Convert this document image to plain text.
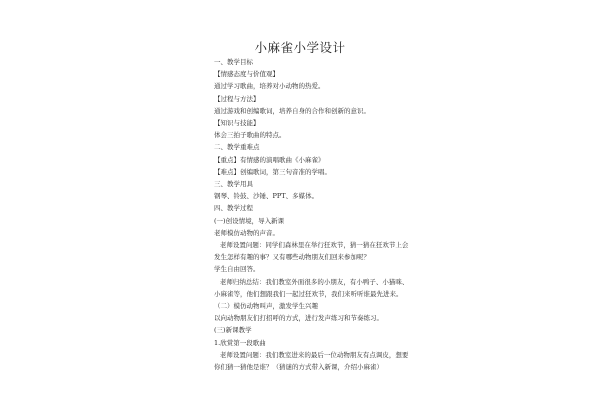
小麻雀小学设计
一、教学目标
【情感态度与价值观】
通过学习歌曲，培养对小动物的热爱。
【过程与方法】
通过游戏和创编歌词，培养自身的合作和创新的意识。
【知识与技能】
体会三拍子歌曲的特点。
二、教学重难点
【重点】有情感的演唱歌曲《小麻雀》
【难点】创编歌词，第三句音准的学唱。
三、教学用具
钢琴、铃鼓、沙锤、PPT、多媒体。
四、教学过程
(一)创设情境，导入新课
老师模仿动物的声音。
老师设置问题：同学们森林里在举行狂欢节，猜一猜在狂欢节上会发生怎样有趣的事？又有哪些动物朋友们回来参加呢？
学生自由回答。
老师归纳总结：我们教室外面很多的小朋友，有小鸭子、小猫咪、小麻雀等，他们想跟我们一起过狂欢节，我们来听听谁最先进来。
（二）模仿动物叫声，激发学生兴趣
以向动物朋友们打招呼的方式，进行发声练习和节奏练习。
(三)新课教学
1.欣赏第一段歌曲
老师设置问题：我们教室进来的最后一位动物朋友有点调皮，想要你们猜一猜他是谁？（猜谜的方式带入新课，介绍小麻雀）
